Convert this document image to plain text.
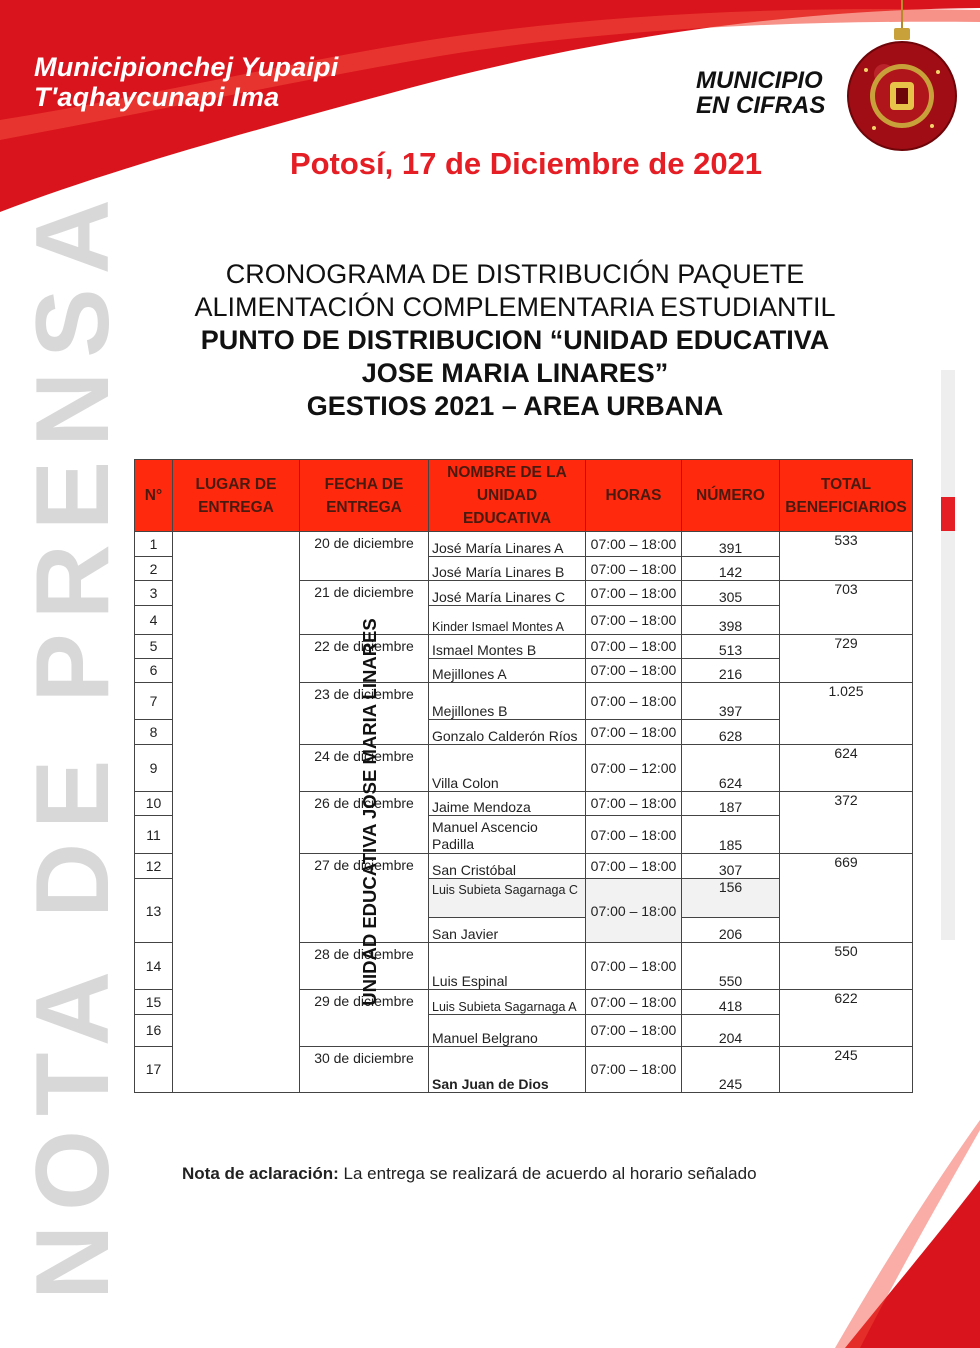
Municipionchej Yupaipi
T'aqhaycunapi Ima
MUNICIPIO
EN CIFRAS
Potosí, 17 de Diciembre de 2021
CRONOGRAMA DE DISTRIBUCIÓN PAQUETE
ALIMENTACIÓN COMPLEMENTARIA ESTUDIANTIL
PUNTO DE DISTRIBUCION “UNIDAD EDUCATIVA
JOSE MARIA LINARES”
GESTIOS 2021 – AREA URBANA
NOTA DE PRENSA N°	LUGAR DE ENTREGA	FECHA DE ENTREGA	NOMBRE DE LA UNIDAD EDUCATIVA	HORAS	NÚMERO	TOTAL BENEFICIARIOS
1	UNIDAD EDUCATIVA JOSE MARIA LINARES	20 de diciembre	José María Linares A	07:00 – 18:00	391	533
2			José María Linares B	07:00 – 18:00	142	
3		21 de diciembre	José María Linares C	07:00 – 18:00	305	703
4			Kinder Ismael Montes A	07:00 – 18:00	398	
5		22 de diciembre	Ismael Montes B	07:00 – 18:00	513	729
6			Mejillones A	07:00 – 18:00	216	
7		23 de diciembre	Mejillones B	07:00 – 18:00	397	1.025
8			Gonzalo Calderón Ríos	07:00 – 18:00	628	
9		24 de diciembre	Villa Colon	07:00 – 12:00	624	624
10		26 de diciembre	Jaime Mendoza	07:00 – 18:00	187	372
11			Manuel Ascencio Padilla	07:00 – 18:00	185	
12		27 de diciembre	San Cristóbal	07:00 – 18:00	307	669
13			Luis Subieta Sagarnaga C	07:00 – 18:00	156	
			San Javier		206	
14		28 de diciembre	Luis Espinal	07:00 – 18:00	550	550
15		29 de diciembre	Luis Subieta Sagarnaga A	07:00 – 18:00	418	622
16			Manuel Belgrano	07:00 – 18:00	204	
17		30 de diciembre	San Juan de Dios	07:00 – 18:00	245	245
Nota de aclaración: La entrega se realizará de acuerdo al horario señalado
